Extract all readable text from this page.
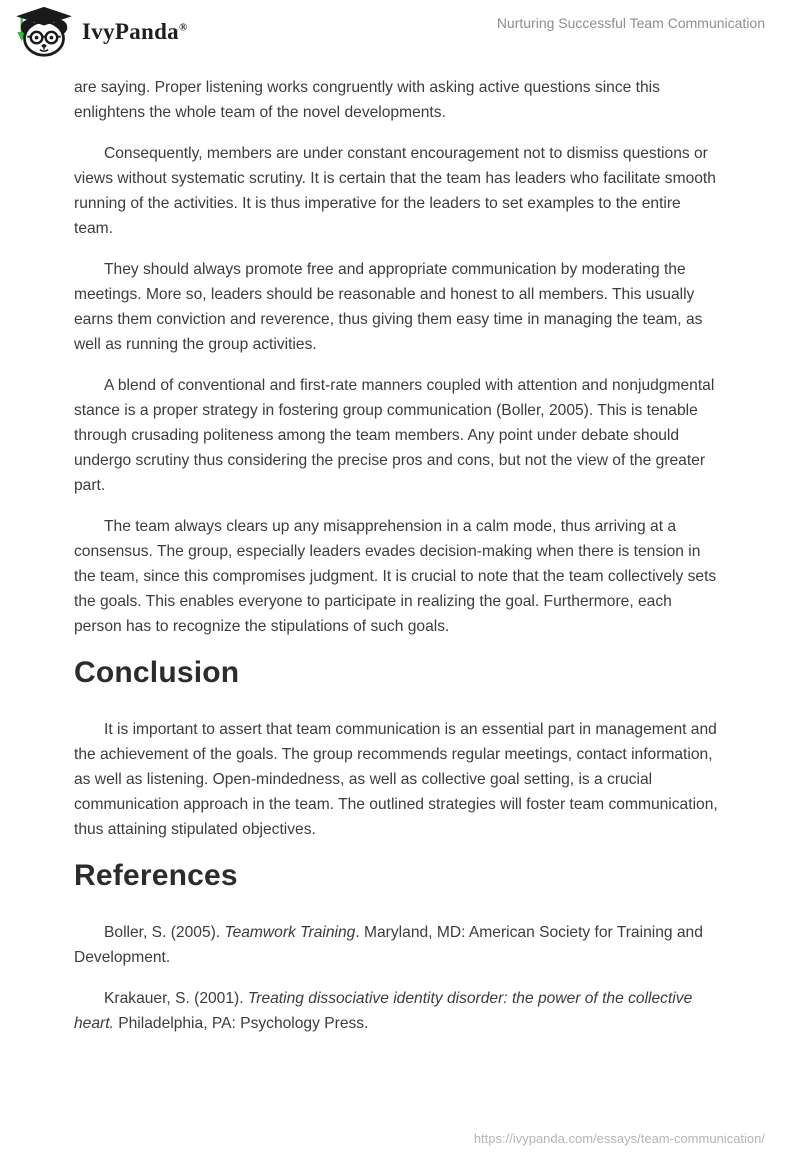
IvyPanda®	Nurturing Successful Team Communication

are saying. Proper listening works congruently with asking active questions since this enlightens the whole team of the novel developments.

Consequently, members are under constant encouragement not to dismiss questions or views without systematic scrutiny. It is certain that the team has leaders who facilitate smooth running of the activities. It is thus imperative for the leaders to set examples to the entire team.

They should always promote free and appropriate communication by moderating the meetings. More so, leaders should be reasonable and honest to all members. This usually earns them conviction and reverence, thus giving them easy time in managing the team, as well as running the group activities.

A blend of conventional and first-rate manners coupled with attention and nonjudgmental stance is a proper strategy in fostering group communication (Boller, 2005). This is tenable through crusading politeness among the team members. Any point under debate should undergo scrutiny thus considering the precise pros and cons, but not the view of the greater part.

The team always clears up any misapprehension in a calm mode, thus arriving at a consensus. The group, especially leaders evades decision-making when there is tension in the team, since this compromises judgment. It is crucial to note that the team collectively sets the goals. This enables everyone to participate in realizing the goal. Furthermore, each person has to recognize the stipulations of such goals.

Conclusion

It is important to assert that team communication is an essential part in management and the achievement of the goals. The group recommends regular meetings, contact information, as well as listening. Open-mindedness, as well as collective goal setting, is a crucial communication approach in the team. The outlined strategies will foster team communication, thus attaining stipulated objectives.

References

Boller, S. (2005). Teamwork Training. Maryland, MD: American Society for Training and Development.

Krakauer, S. (2001). Treating dissociative identity disorder: the power of the collective heart. Philadelphia, PA: Psychology Press.

https://ivypanda.com/essays/team-communication/
